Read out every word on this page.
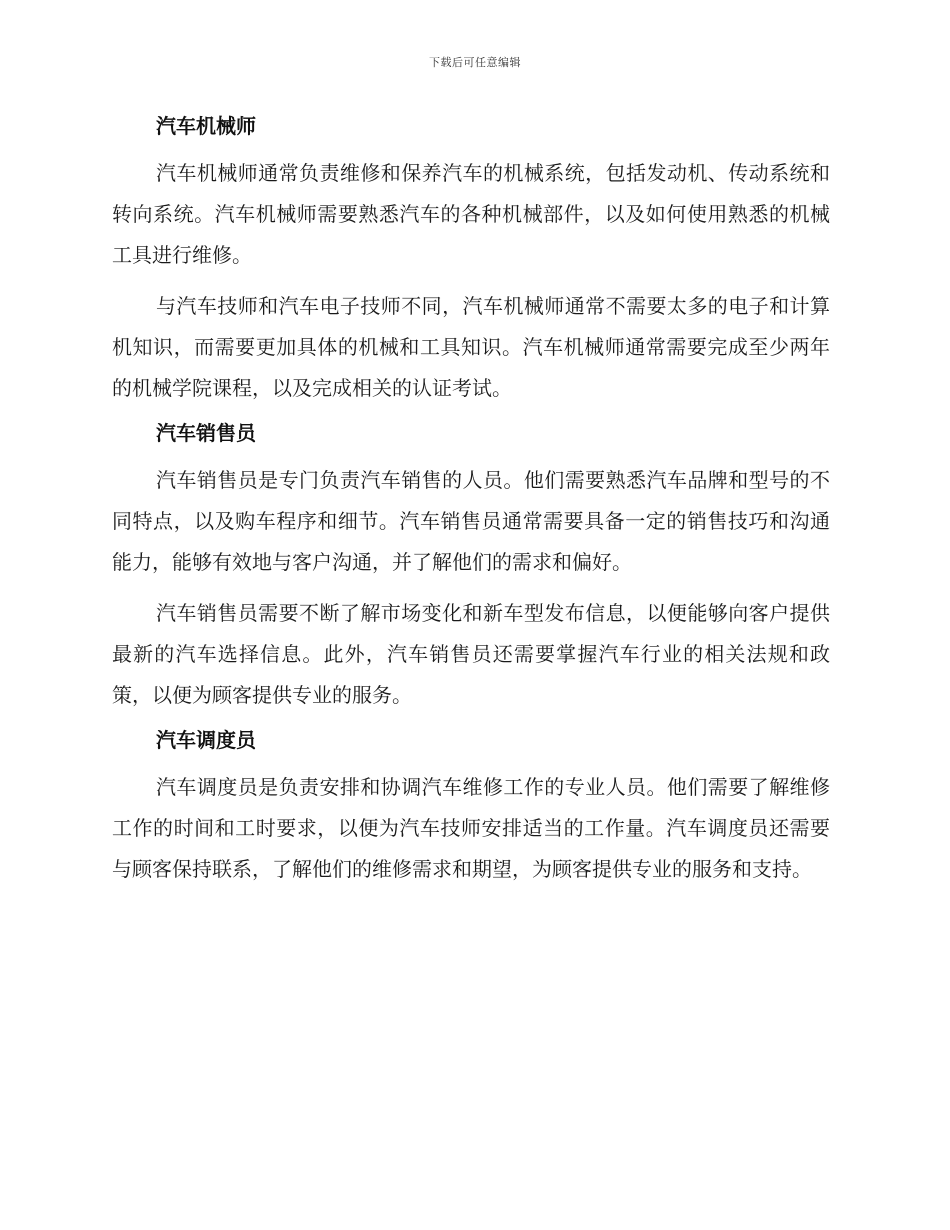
下载后可任意编辑
汽车机械师

汽车机械师通常负责维修和保养汽车的机械系统，包括发动机、传动系统和转向系统。汽车机械师需要熟悉汽车的各种机械部件，以及如何使用熟悉的机械工具进行维修。

与汽车技师和汽车电子技师不同，汽车机械师通常不需要太多的电子和计算机知识，而需要更加具体的机械和工具知识。汽车机械师通常需要完成至少两年的机械学院课程，以及完成相关的认证考试。

汽车销售员

汽车销售员是专门负责汽车销售的人员。他们需要熟悉汽车品牌和型号的不同特点，以及购车程序和细节。汽车销售员通常需要具备一定的销售技巧和沟通能力，能够有效地与客户沟通，并了解他们的需求和偏好。

汽车销售员需要不断了解市场变化和新车型发布信息，以便能够向客户提供最新的汽车选择信息。此外，汽车销售员还需要掌握汽车行业的相关法规和政策，以便为顾客提供专业的服务。

汽车调度员

汽车调度员是负责安排和协调汽车维修工作的专业人员。他们需要了解维修工作的时间和工时要求，以便为汽车技师安排适当的工作量。汽车调度员还需要与顾客保持联系，了解他们的维修需求和期望，为顾客提供专业的服务和支持。
